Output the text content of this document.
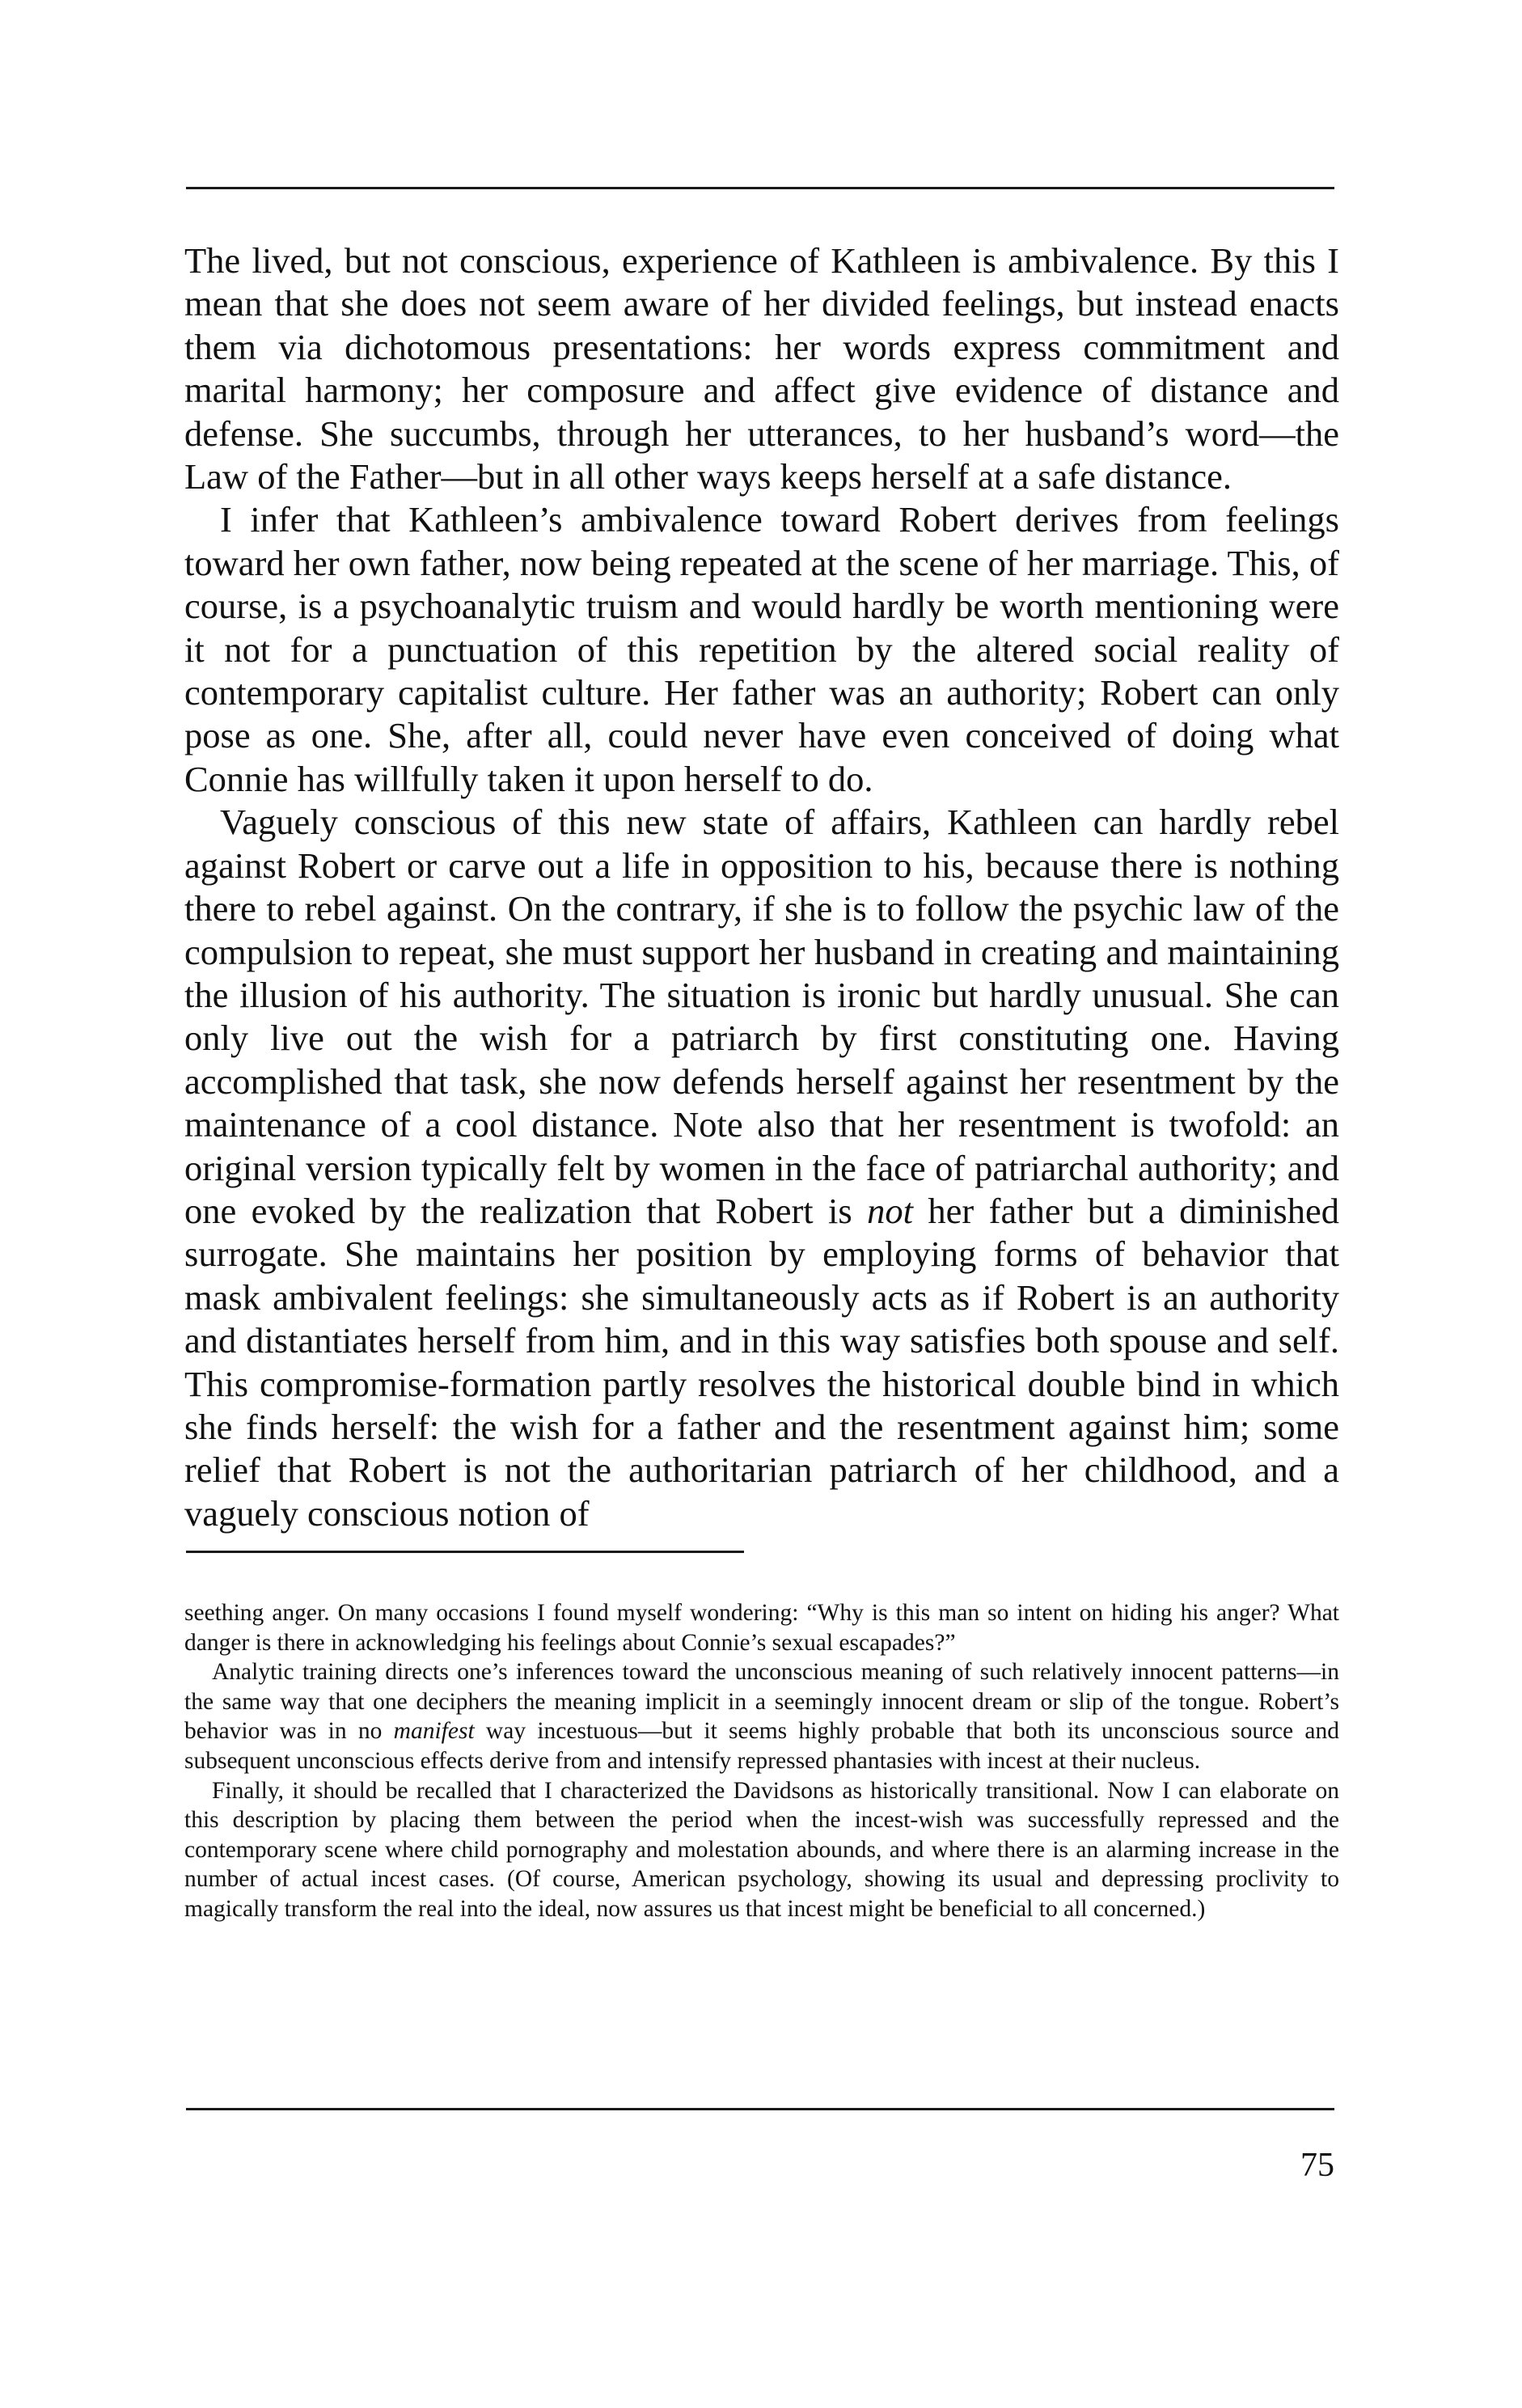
The lived, but not conscious, experience of Kathleen is ambivalence. By this I mean that she does not seem aware of her divided feelings, but instead enacts them via dichotomous presentations: her words express commitment and marital harmony; her composure and affect give evidence of distance and defense. She succumbs, through her utterances, to her husband’s word—the Law of the Father—but in all other ways keeps herself at a safe distance.

I infer that Kathleen’s ambivalence toward Robert derives from feelings toward her own father, now being repeated at the scene of her marriage. This, of course, is a psychoanalytic truism and would hardly be worth mentioning were it not for a punctuation of this repetition by the altered social reality of contemporary capitalist culture. Her father was an authority; Robert can only pose as one. She, after all, could never have even conceived of doing what Connie has willfully taken it upon herself to do.

Vaguely conscious of this new state of affairs, Kathleen can hardly rebel against Robert or carve out a life in opposition to his, because there is nothing there to rebel against. On the contrary, if she is to follow the psychic law of the compulsion to repeat, she must support her husband in creating and maintaining the illusion of his authority. The situation is ironic but hardly unusual. She can only live out the wish for a patriarch by first constituting one. Having accomplished that task, she now defends herself against her resentment by the maintenance of a cool distance. Note also that her resentment is twofold: an original version typically felt by women in the face of patriarchal authority; and one evoked by the realization that Robert is not her father but a diminished surrogate. She maintains her position by employing forms of behavior that mask ambivalent feelings: she simultaneously acts as if Robert is an authority and distantiates herself from him, and in this way satisfies both spouse and self. This compromise-formation partly resolves the historical double bind in which she finds herself: the wish for a father and the resentment against him; some relief that Robert is not the authoritarian patriarch of her childhood, and a vaguely conscious notion of

seething anger. On many occasions I found myself wondering: “Why is this man so intent on hiding his anger? What danger is there in acknowledging his feelings about Connie’s sexual escapades?”

Analytic training directs one’s inferences toward the unconscious meaning of such relatively innocent patterns—in the same way that one deciphers the meaning implicit in a seemingly innocent dream or slip of the tongue. Robert’s behavior was in no manifest way incestuous—but it seems highly probable that both its unconscious source and subsequent unconscious effects derive from and intensify repressed phantasies with incest at their nucleus.

Finally, it should be recalled that I characterized the Davidsons as historically transitional. Now I can elaborate on this description by placing them between the period when the incest-wish was successfully repressed and the contemporary scene where child pornography and molestation abounds, and where there is an alarming increase in the number of actual incest cases. (Of course, American psychology, showing its usual and depressing proclivity to magically transform the real into the ideal, now assures us that incest might be beneficial to all concerned.)

75
